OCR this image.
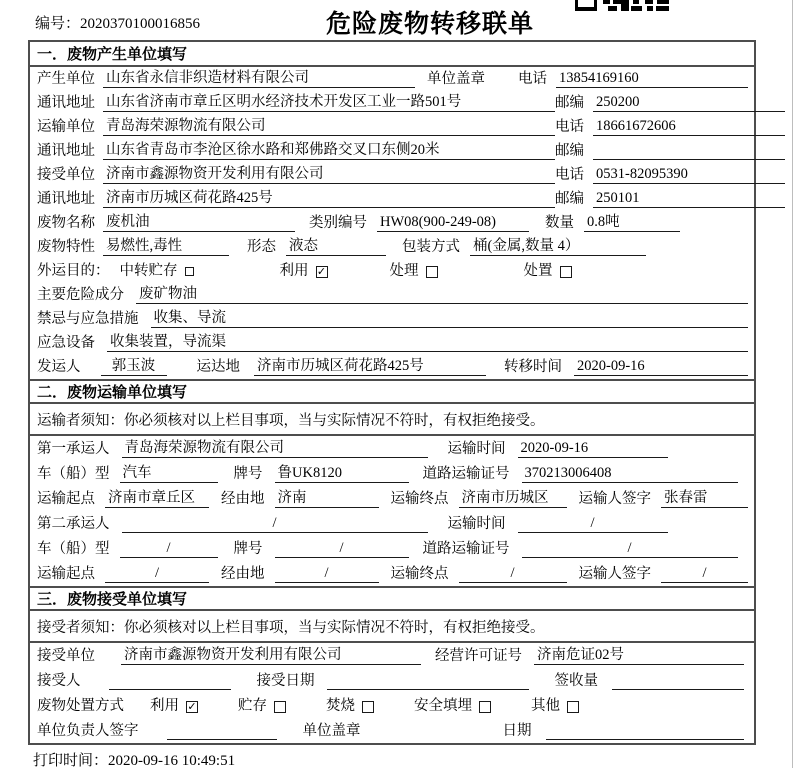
编号：2020370100016856	危险废物转移联单
一．废物产生单位填写
产生单位 山东省永信非织造材料有限公司	单位盖章 电话 13854169160
通讯地址 山东省济南市章丘区明水经济技术开发区工业一路501号	邮编 250200
运输单位 青岛海荣源物流有限公司	电话 18661672606
通讯地址 山东省青岛市李沧区徐水路和郑佛路交叉口东侧20米	邮编
接受单位 济南市鑫源物资开发利用有限公司	电话 0531-82095390
通讯地址 济南市历城区荷花路425号	邮编 250101
废物名称 废机油	类别编号 HW08(900-249-08)	数量 0.8吨
废物特性 易燃性,毒性	形态 液态	包装方式 桶(金属,数量 4）
外运目的： 中转贮存	利用 ✓	处理	处置
主要危险成分 废矿物油
禁忌与应急措施 收集、导流
应急设备 收集装置，导流渠
发运人	郭玉波	运达地 济南市历城区荷花路425号	转移时间 2020-09-16
二．废物运输单位填写
运输者须知：你必须核对以上栏目事项，当与实际情况不符时，有权拒绝接受。
第一承运人 青岛海荣源物流有限公司	运输时间 2020-09-16
车（船）型 汽车	牌号 鲁UK8120	道路运输证号 370213006408
运输起点 济南市章丘区	经由地 济南	运输终点 济南市历城区	运输人签字 张春雷
第二承运人	/	运输时间	/
车（船）型	/	牌号	/	道路运输证号	/
运输起点	/	经由地	/	运输终点	/	运输人签字	/
三．废物接受单位填写
接受者须知：你必须核对以上栏目事项，当与实际情况不符时，有权拒绝接受。
接受单位 济南市鑫源物资开发利用有限公司	经营许可证号 济南危证02号
接受人	接受日期	签收量
废物处置方式 利用 ✓	贮存	焚烧	安全填埋	其他
单位负责人签字	单位盖章	日期
打印时间：2020-09-16 10:49:51
